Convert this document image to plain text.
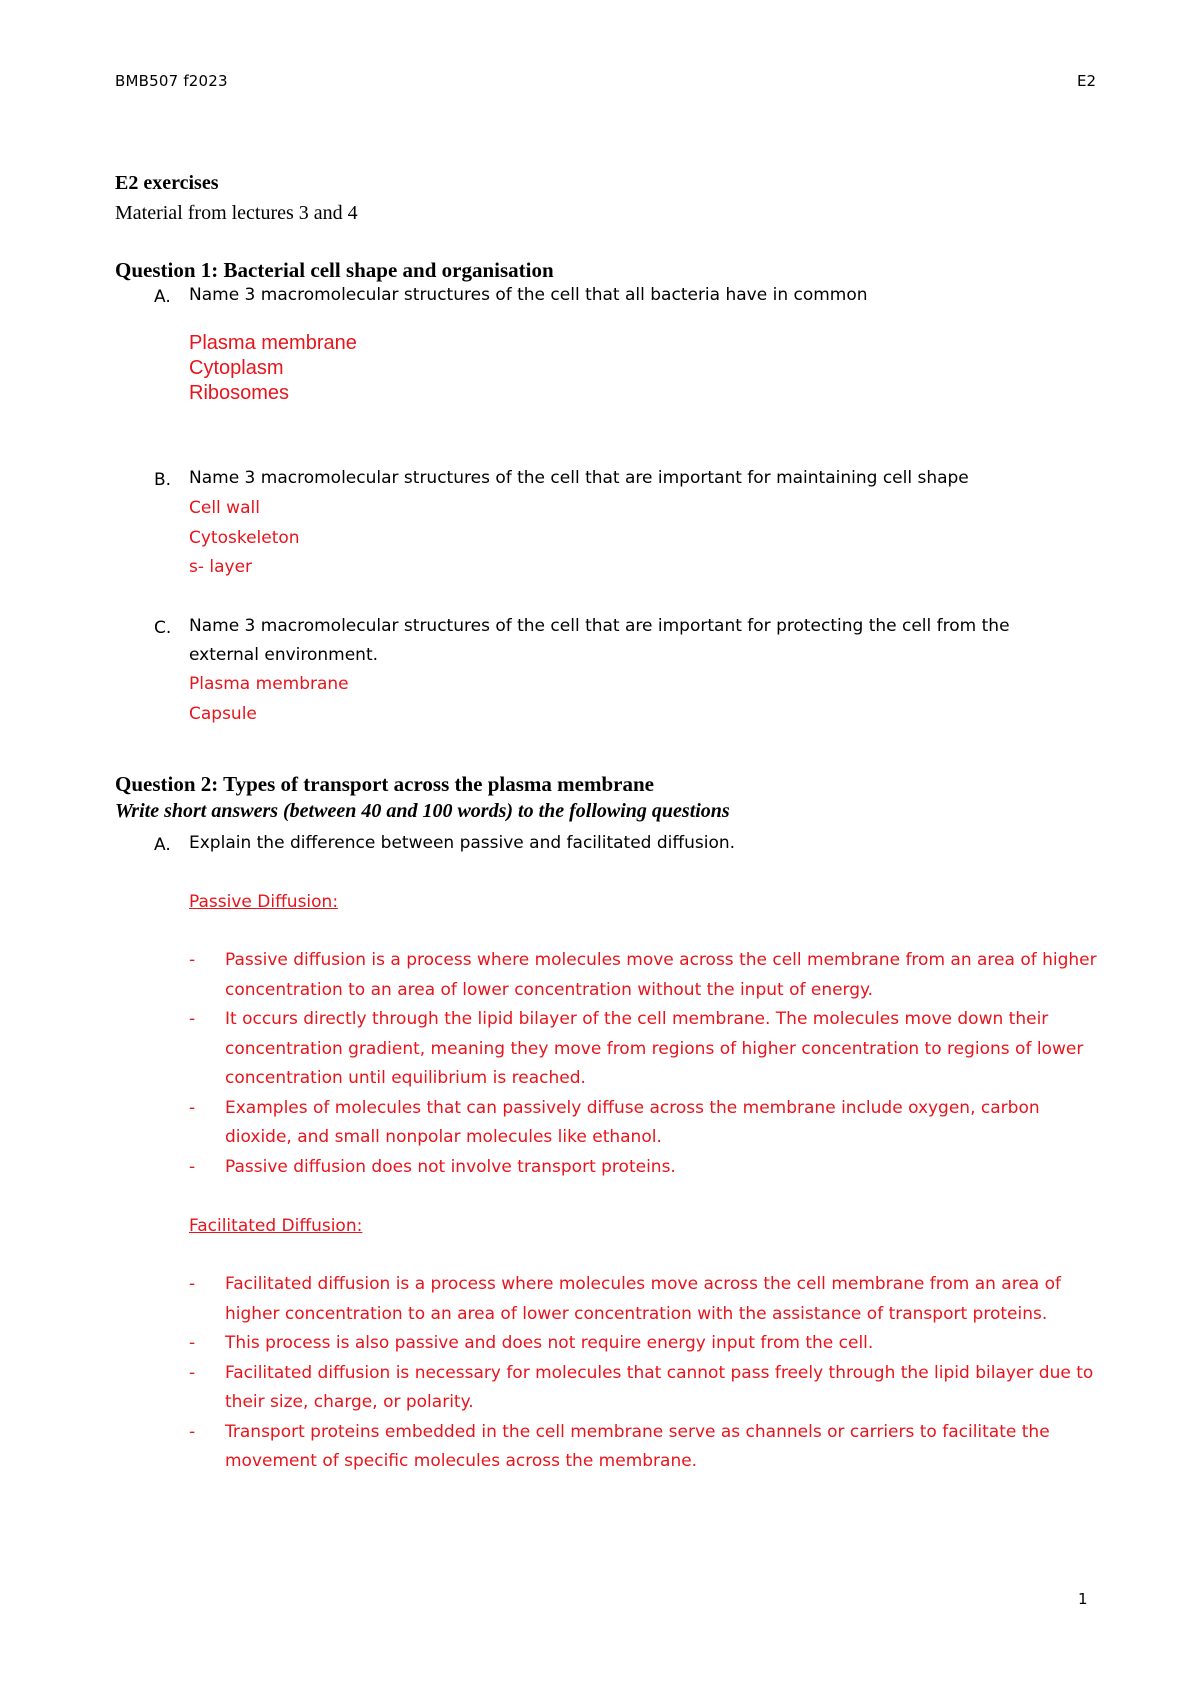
BMB507 f2023	E2
E2 exercises
Material from lectures 3 and 4
Question 1: Bacterial cell shape and organisation
A. Name 3 macromolecular structures of the cell that all bacteria have in common
Plasma membrane
Cytoplasm
Ribosomes
B. Name 3 macromolecular structures of the cell that are important for maintaining cell shape
Cell wall
Cytoskeleton
s- layer
C. Name 3 macromolecular structures of the cell that are important for protecting the cell from the
external environment.
Plasma membrane
Capsule
Question 2: Types of transport across the plasma membrane
Write short answers (between 40 and 100 words) to the following questions
A. Explain the difference between passive and facilitated diffusion.
Passive Diffusion:
- Passive diffusion is a process where molecules move across the cell membrane from an area of higher concentration to an area of lower concentration without the input of energy.
- It occurs directly through the lipid bilayer of the cell membrane. The molecules move down their concentration gradient, meaning they move from regions of higher concentration to regions of lower concentration until equilibrium is reached.
- Examples of molecules that can passively diffuse across the membrane include oxygen, carbon dioxide, and small nonpolar molecules like ethanol.
- Passive diffusion does not involve transport proteins.
Facilitated Diffusion:
- Facilitated diffusion is a process where molecules move across the cell membrane from an area of higher concentration to an area of lower concentration with the assistance of transport proteins.
- This process is also passive and does not require energy input from the cell.
- Facilitated diffusion is necessary for molecules that cannot pass freely through the lipid bilayer due to their size, charge, or polarity.
- Transport proteins embedded in the cell membrane serve as channels or carriers to facilitate the movement of specific molecules across the membrane.
1
